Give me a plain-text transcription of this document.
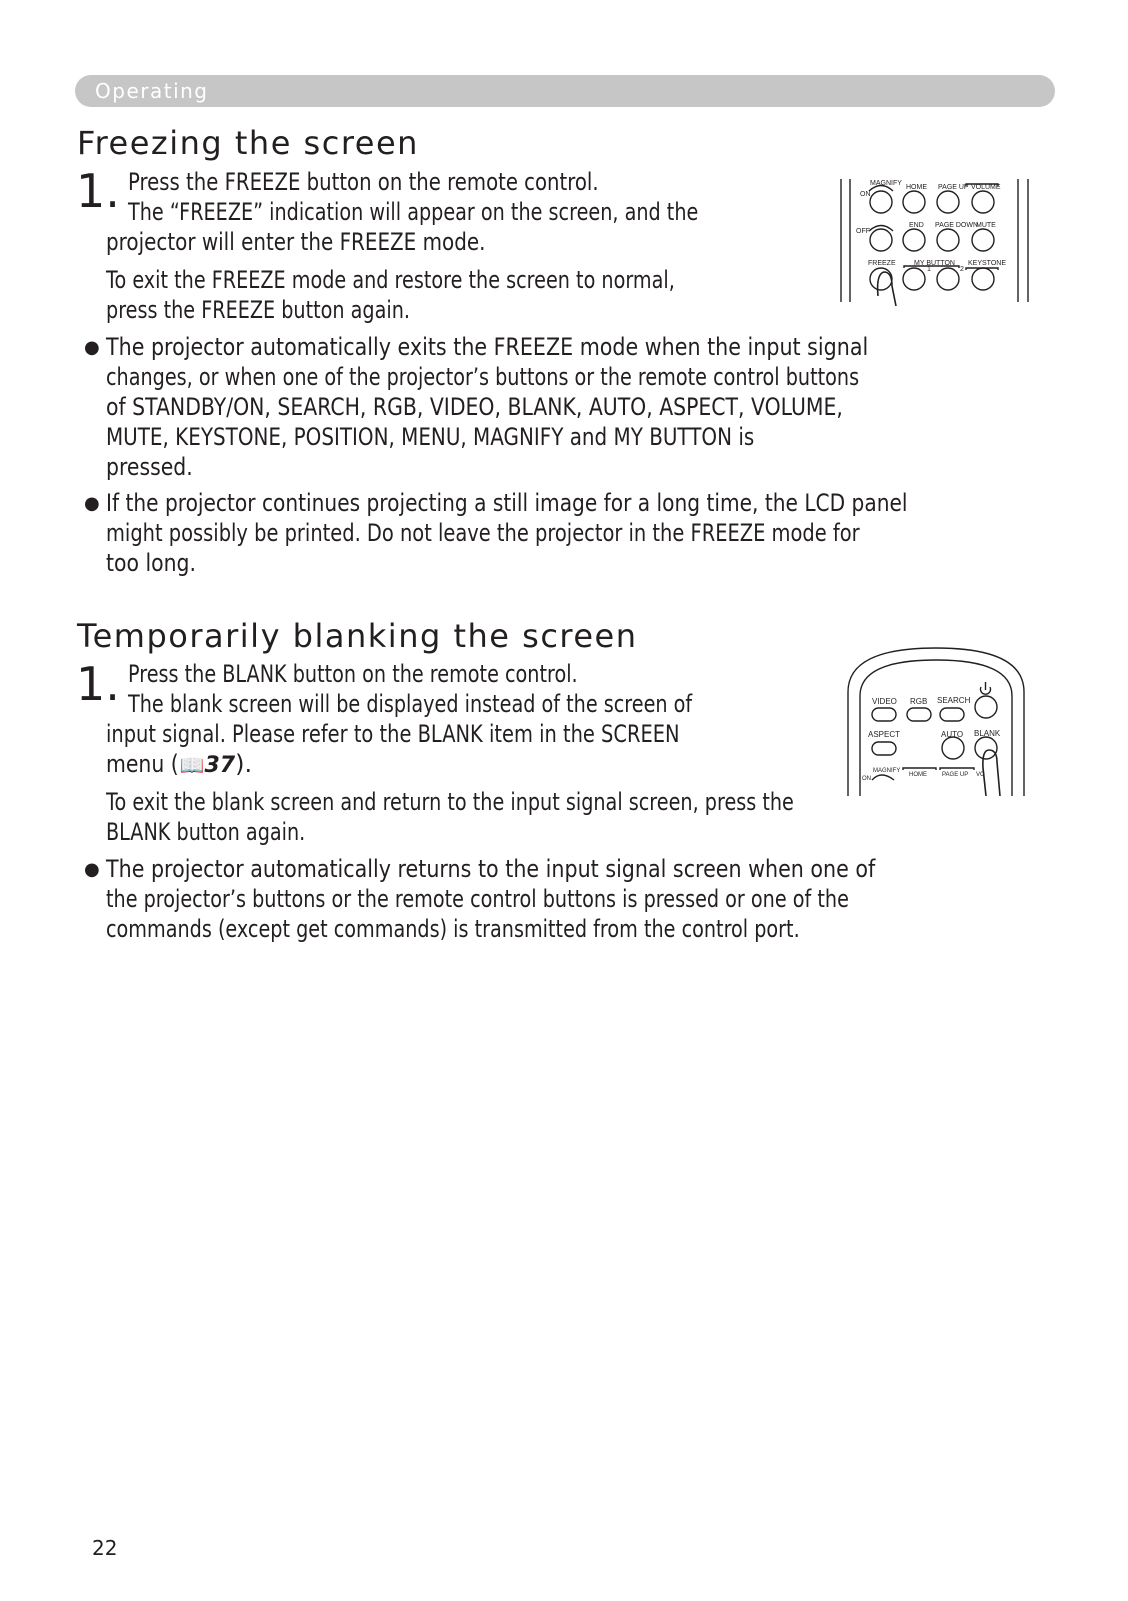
Operating
Freezing the screen
1. Press the FREEZE button on the remote control.
The “FREEZE” indication will appear on the screen, and the
projector will enter the FREEZE mode.
To exit the FREEZE mode and restore the screen to normal,
press the FREEZE button again.
● The projector automatically exits the FREEZE mode when the input signal
changes, or when one of the projector’s buttons or the remote control buttons
of STANDBY/ON, SEARCH, RGB, VIDEO, BLANK, AUTO, ASPECT, VOLUME,
MUTE, KEYSTONE, POSITION, MENU, MAGNIFY and MY BUTTON is
pressed.
● If the projector continues projecting a still image for a long time, the LCD panel
might possibly be printed. Do not leave the projector in the FREEZE mode for
too long.
MAGNIFY
ON
HOME PAGE UP VOLUME
OFF
END PAGE DOWN
MUTE
FREEZE	MY BUTTON KEYSTONE
1	2
Temporarily blanking the screen
1. Press the BLANK button on the remote control.
The blank screen will be displayed instead of the screen of
input signal. Please refer to the BLANK item in the SCREEN
menu (📖37).
To exit the blank screen and return to the input signal screen, press the
BLANK button again.
● The projector automatically returns to the input signal screen when one of
the projector’s buttons or the remote control buttons is pressed or one of the
commands (except get commands) is transmitted from the control port.
VIDEO RGB SEARCH
ASPECT	AUTO BLANK
MAGNIFY
ON
HOME	PAGE UP VO
22
